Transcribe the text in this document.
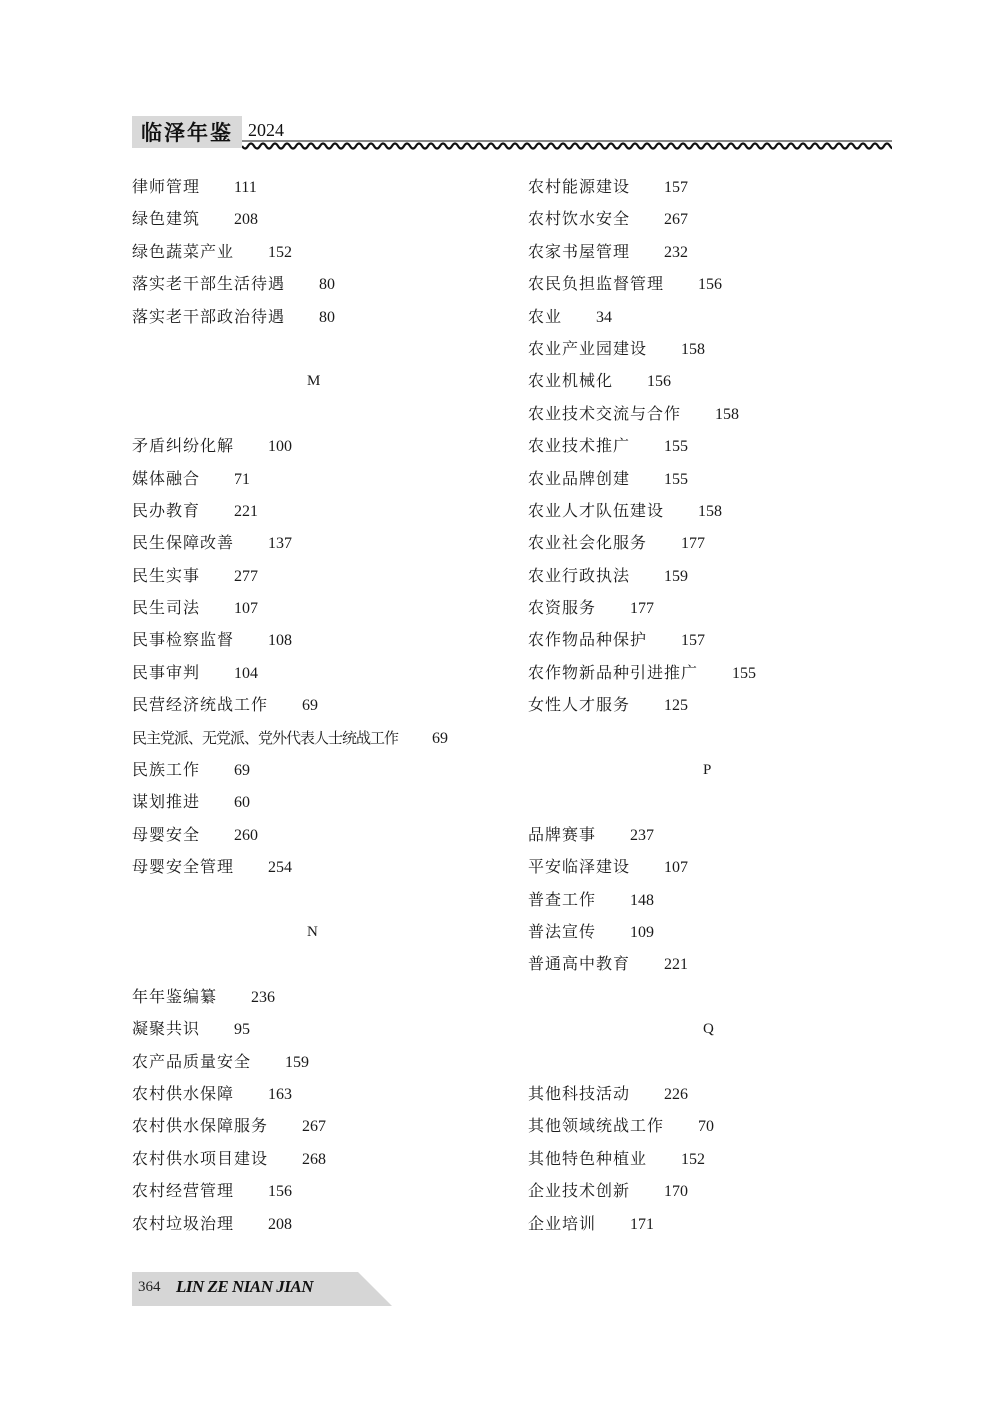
临泽年鉴 2024
律师管理 111
绿色建筑 208
绿色蔬菜产业 152
落实老干部生活待遇 80
落实老干部政治待遇 80
M
矛盾纠纷化解 100
媒体融合 71
民办教育 221
民生保障改善 137
民生实事 277
民生司法 107
民事检察监督 108
民事审判 104
民营经济统战工作 69
民主党派、无党派、党外代表人士统战工作 69
民族工作 69
谋划推进 60
母婴安全 260
母婴安全管理 254
N
年年鉴编纂 236
凝聚共识 95
农产品质量安全 159
农村供水保障 163
农村供水保障服务 267
农村供水项目建设 268
农村经营管理 156
农村垃圾治理 208
农村能源建设 157
农村饮水安全 267
农家书屋管理 232
农民负担监督管理 156
农业 34
农业产业园建设 158
农业机械化 156
农业技术交流与合作 158
农业技术推广 155
农业品牌创建 155
农业人才队伍建设 158
农业社会化服务 177
农业行政执法 159
农资服务 177
农作物品种保护 157
农作物新品种引进推广 155
女性人才服务 125
P
品牌赛事 237
平安临泽建设 107
普查工作 148
普法宣传 109
普通高中教育 221
Q
其他科技活动 226
其他领域统战工作 70
其他特色种植业 152
企业技术创新 170
企业培训 171
364 LIN ZE NIAN JIAN
